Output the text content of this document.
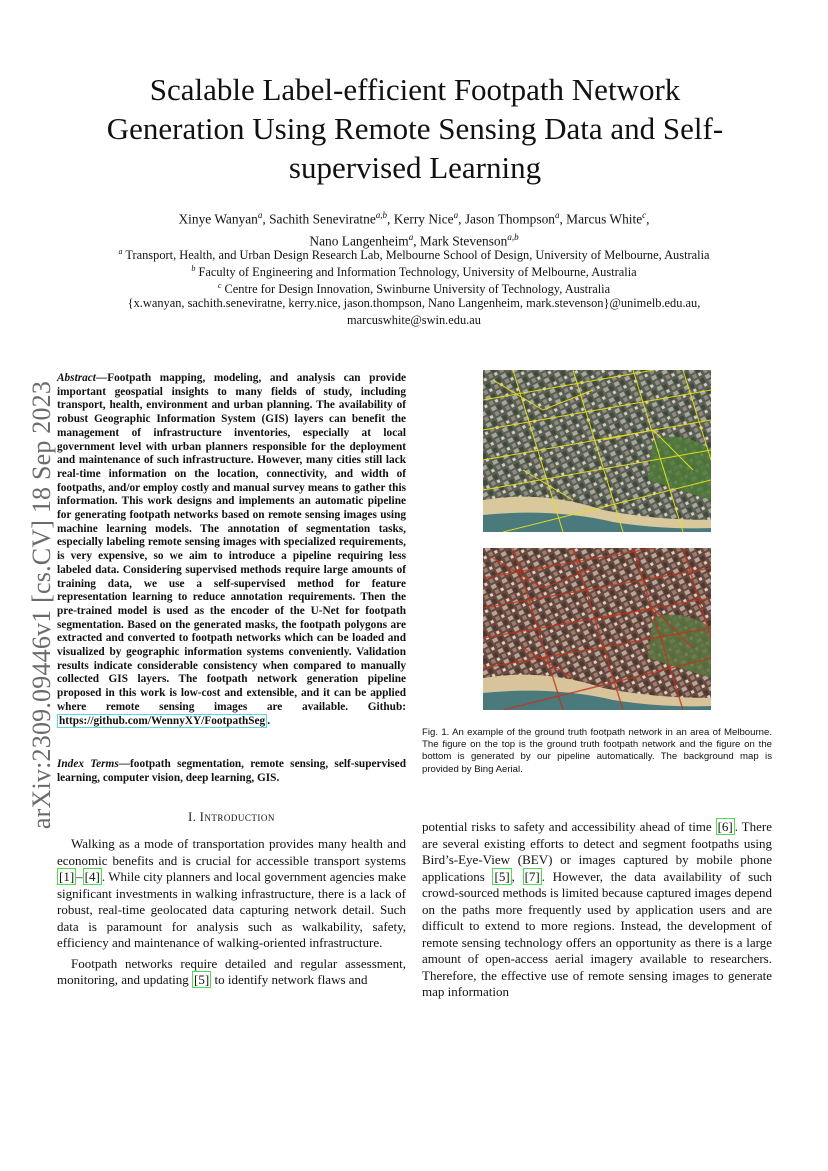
arXiv:2309.09446v1 [cs.CV] 18 Sep 2023
Scalable Label-efficient Footpath Network Generation Using Remote Sensing Data and Self-supervised Learning
Xinye Wanyan$^a$, Sachith Seneviratne$^{a,b}$, Kerry Nice$^a$, Jason Thompson$^a$, Marcus White$^c$,
Nano Langenheim$^a$, Mark Stevenson$^{a,b}$
$^a$ Transport, Health, and Urban Design Research Lab, Melbourne School of Design, University of Melbourne, Australia
$^b$ Faculty of Engineering and Information Technology, University of Melbourne, Australia
$^c$ Centre for Design Innovation, Swinburne University of Technology, Australia
{x.wanyan, sachith.seneviratne, kerry.nice, jason.thompson, Nano Langenheim, mark.stevenson}@unimelb.edu.au,
marcuswhite@swin.edu.au
Abstract—Footpath mapping, modeling, and analysis can provide important geospatial insights to many fields of study, including transport, health, environment and urban planning. The availability of robust Geographic Information System (GIS) layers can benefit the management of infrastructure inventories, especially at local government level with urban planners responsible for the deployment and maintenance of such infrastructure. However, many cities still lack real-time information on the location, connectivity, and width of footpaths, and/or employ costly and manual survey means to gather this information. This work designs and implements an automatic pipeline for generating footpath networks based on remote sensing images using machine learning models. The annotation of segmentation tasks, especially labeling remote sensing images with specialized requirements, is very expensive, so we aim to introduce a pipeline requiring less labeled data. Considering supervised methods require large amounts of training data, we use a self-supervised method for feature representation learning to reduce annotation requirements. Then the pre-trained model is used as the encoder of the U-Net for footpath segmentation. Based on the generated masks, the footpath polygons are extracted and converted to footpath networks which can be loaded and visualized by geographic information systems conveniently. Validation results indicate considerable consistency when compared to manually collected GIS layers. The footpath network generation pipeline proposed in this work is low-cost and extensible, and it can be applied where remote sensing images are available. Github: https://github.com/WennyXY/FootpathSeg .
Index Terms—footpath segmentation, remote sensing, self-supervised learning, computer vision, deep learning, GIS.
I. Introduction

Walking as a mode of transportation provides many health and economic benefits and is crucial for accessible transport systems [1] – [4] . While city planners and local government agencies make significant investments in walking infrastructure, there is a lack of robust, real-time geolocated data capturing network detail. Such data is paramount for analysis such as walkability, safety, efficiency and maintenance of walking-oriented infrastructure.

Footpath networks require detailed and regular assessment, monitoring, and updating [5] to identify network flaws and

potential risks to safety and accessibility ahead of time [6] . There are several existing efforts to detect and segment footpaths using Bird’s-Eye-View (BEV) or images captured by mobile phone applications [5] , [7] . However, the data availability of such crowd-sourced methods is limited because captured images depend on the paths more frequently used by application users and are difficult to extend to more regions. Instead, the development of remote sensing technology offers an opportunity as there is a large amount of open-access aerial imagery available to researchers. Therefore, the effective use of remote sensing images to generate map information

Fig. 1. An example of the ground truth footpath network in an area of Melbourne. The figure on the top is the ground truth footpath network and the figure on the bottom is generated by our pipeline automatically. The background map is provided by Bing Aerial.
